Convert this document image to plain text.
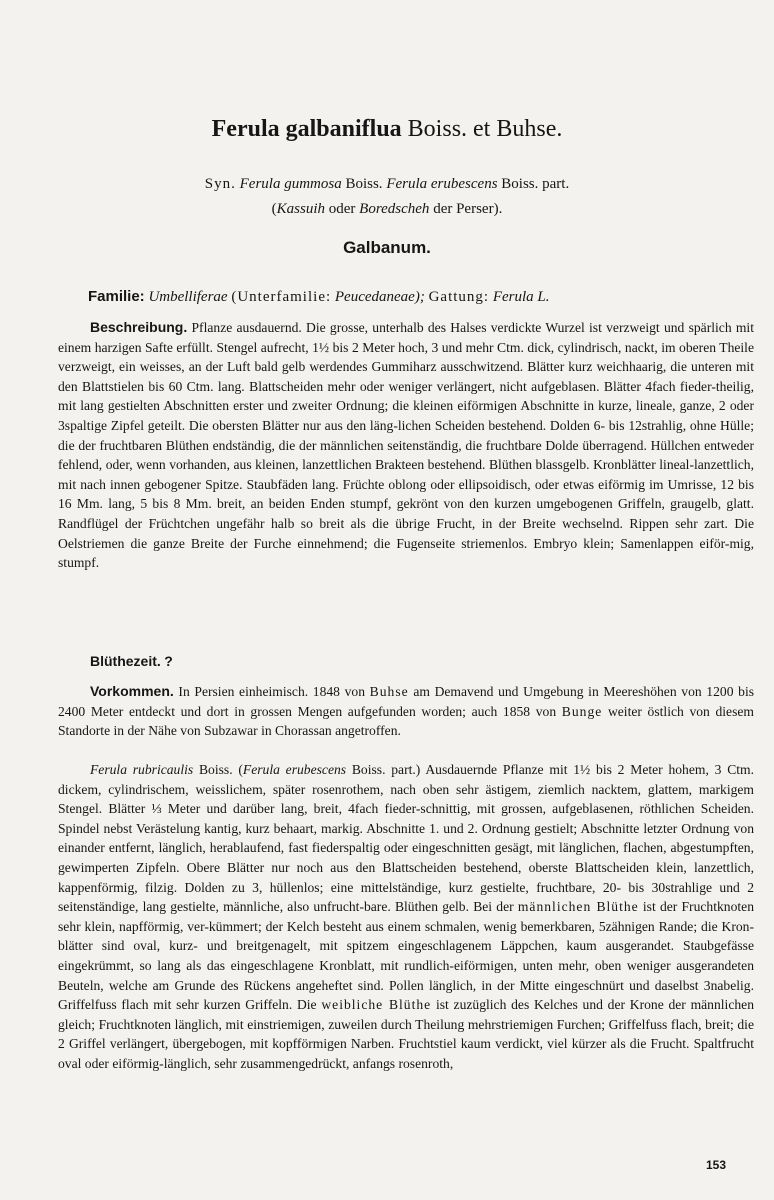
Ferula galbaniflua Boiss. et Buhse.
Syn. Ferula gummosa Boiss. Ferula erubescens Boiss. part.
(Kassuih oder Boredscheh der Perser).
Galbanum.
Familie: Umbelliferae (Unterfamilie: Peucedaneae); Gattung: Ferula L.
Beschreibung. Pflanze ausdauernd. Die grosse, unterhalb des Halses verdickte Wurzel ist verzweigt und spärlich mit einem harzigen Safte erfüllt. Stengel aufrecht, 1½ bis 2 Meter hoch, 3 und mehr Ctm. dick, cylindrisch, nackt, im oberen Theile verzweigt, ein weisses, an der Luft bald gelb werdendes Gummiharz ausschwitzend. Blätter kurz weichhaarig, die unteren mit den Blattstielen bis 60 Ctm. lang. Blattscheiden mehr oder weniger verlängert, nicht aufgeblasen. Blätter 4fach fieder-theilig, mit lang gestielten Abschnitten erster und zweiter Ordnung; die kleinen eiförmigen Abschnitte in kurze, lineale, ganze, 2 oder 3spaltige Zipfel geteilt. Die obersten Blätter nur aus den läng-lichen Scheiden bestehend. Dolden 6- bis 12strahlig, ohne Hülle; die der fruchtbaren Blüthen endständig, die der männlichen seitenständig, die fruchtbare Dolde überragend. Hüllchen entweder fehlend, oder, wenn vorhanden, aus kleinen, lanzettlichen Brakteen bestehend. Blüthen blassgelb. Kronblätter lineal-lanzettlich, mit nach innen gebogener Spitze. Staubfäden lang. Früchte oblong oder ellipsoidisch, oder etwas eiförmig im Umrisse, 12 bis 16 Mm. lang, 5 bis 8 Mm. breit, an beiden Enden stumpf, gekrönt von den kurzen umgebogenen Griffeln, graugelb, glatt. Randflügel der Früchtchen ungefähr halb so breit als die übrige Frucht, in der Breite wechselnd. Rippen sehr zart. Die Oelstriemen die ganze Breite der Furche einnehmend; die Fugenseite striemenlos. Embryo klein; Samenlappen eiför-mig, stumpf.
Blüthezeit. ?
Vorkommen. In Persien einheimisch. 1848 von Buhse am Demavend und Umgebung in Meereshöhen von 1200 bis 2400 Meter entdeckt und dort in grossen Mengen aufgefunden worden; auch 1858 von Bunge weiter östlich von diesem Standorte in der Nähe von Subzawar in Chorassan angetroffen.
Ferula rubricaulis Boiss. (Ferula erubescens Boiss. part.) Ausdauernde Pflanze mit 1½ bis 2 Meter hohem, 3 Ctm. dickem, cylindrischem, weisslichem, später rosenrothem, nach oben sehr ästigem, ziemlich nacktem, glattem, markigem Stengel. Blätter ⅓ Meter und darüber lang, breit, 4fach fieder-schnittig, mit grossen, aufgeblasenen, röthlichen Scheiden. Spindel nebst Verästelung kantig, kurz behaart, markig. Abschnitte 1. und 2. Ordnung gestielt; Abschnitte letzter Ordnung von einander entfernt, länglich, herablaufend, fast fiederspaltig oder eingeschnitten gesägt, mit länglichen, flachen, abgestumpften, gewimperten Zipfeln. Obere Blätter nur noch aus den Blattscheiden bestehend, oberste Blattscheiden klein, lanzettlich, kappenförmig, filzig. Dolden zu 3, hüllenlos; eine mittelständige, kurz gestielte, fruchtbare, 20- bis 30strahlige und 2 seitenständige, lang gestielte, männliche, also unfrucht-bare. Blüthen gelb. Bei der männlichen Blüthe ist der Fruchtknoten sehr klein, napfförmig, ver-kümmert; der Kelch besteht aus einem schmalen, wenig bemerkbaren, 5zähnigen Rande; die Kron-blätter sind oval, kurz- und breitgenagelt, mit spitzem eingeschlagenem Läppchen, kaum ausgerandet. Staubgefässe eingekrümmt, so lang als das eingeschlagene Kronblatt, mit rundlich-eiförmigen, unten mehr, oben weniger ausgerandeten Beuteln, welche am Grunde des Rückens angeheftet sind. Pollen länglich, in der Mitte eingeschnürt und daselbst 3nabelig. Griffelfuss flach mit sehr kurzen Griffeln. Die weibliche Blüthe ist zuzüglich des Kelches und der Krone der männlichen gleich; Fruchtknoten länglich, mit einstriemigen, zuweilen durch Theilung mehrstriemigen Furchen; Griffelfuss flach, breit; die 2 Griffel verlängert, übergebogen, mit kopfförmigen Narben. Fruchtstiel kaum verdickt, viel kürzer als die Frucht. Spaltfrucht oval oder eiförmig-länglich, sehr zusammengedrückt, anfangs rosenroth,
153
